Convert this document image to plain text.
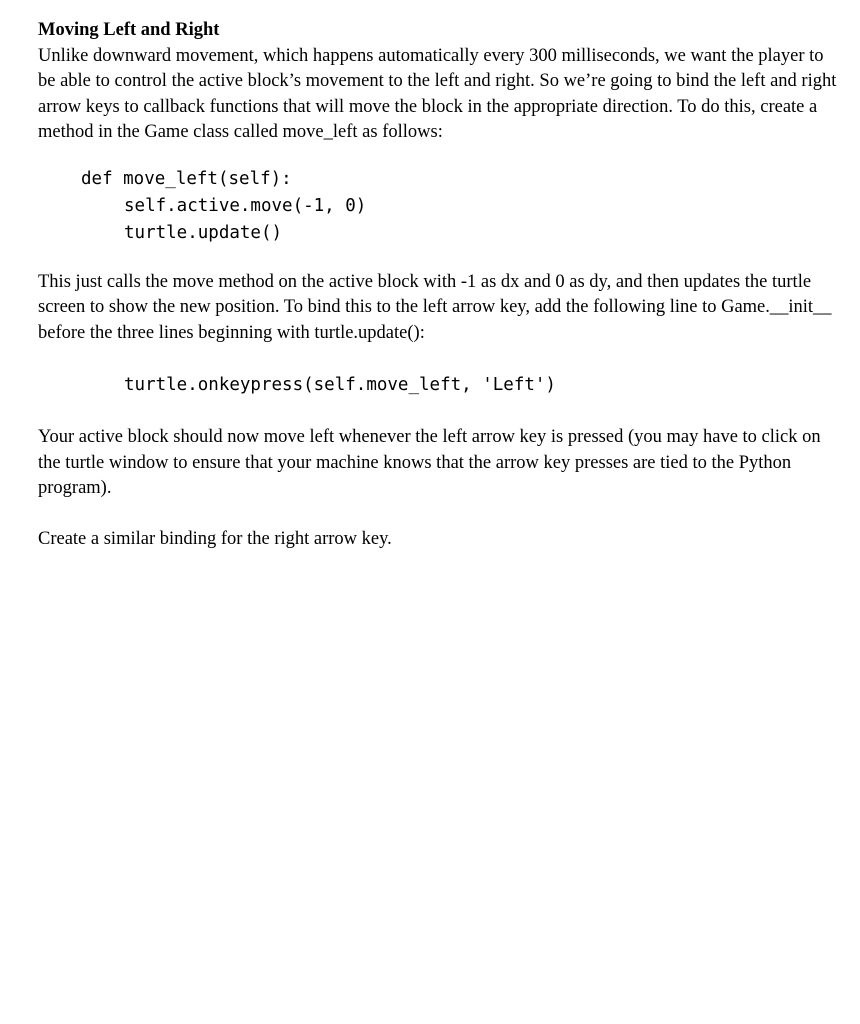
Moving Left and Right

Unlike downward movement, which happens automatically every 300 milliseconds, we want the player to be able to control the active block’s movement to the left and right. So we’re going to bind the left and right arrow keys to callback functions that will move the block in the appropriate direction. To do this, create a method in the Game class called move_left as follows:

def move_left(self):
self.active.move(-1, 0)
turtle.update()

This just calls the move method on the active block with -1 as dx and 0 as dy, and then updates the turtle screen to show the new position. To bind this to the left arrow key, add the following line to Game.__init__ before the three lines beginning with turtle.update():

turtle.onkeypress(self.move_left, 'Left')

Your active block should now move left whenever the left arrow key is pressed (you may have to click on the turtle window to ensure that your machine knows that the arrow key presses are tied to the Python program).

Create a similar binding for the right arrow key.
